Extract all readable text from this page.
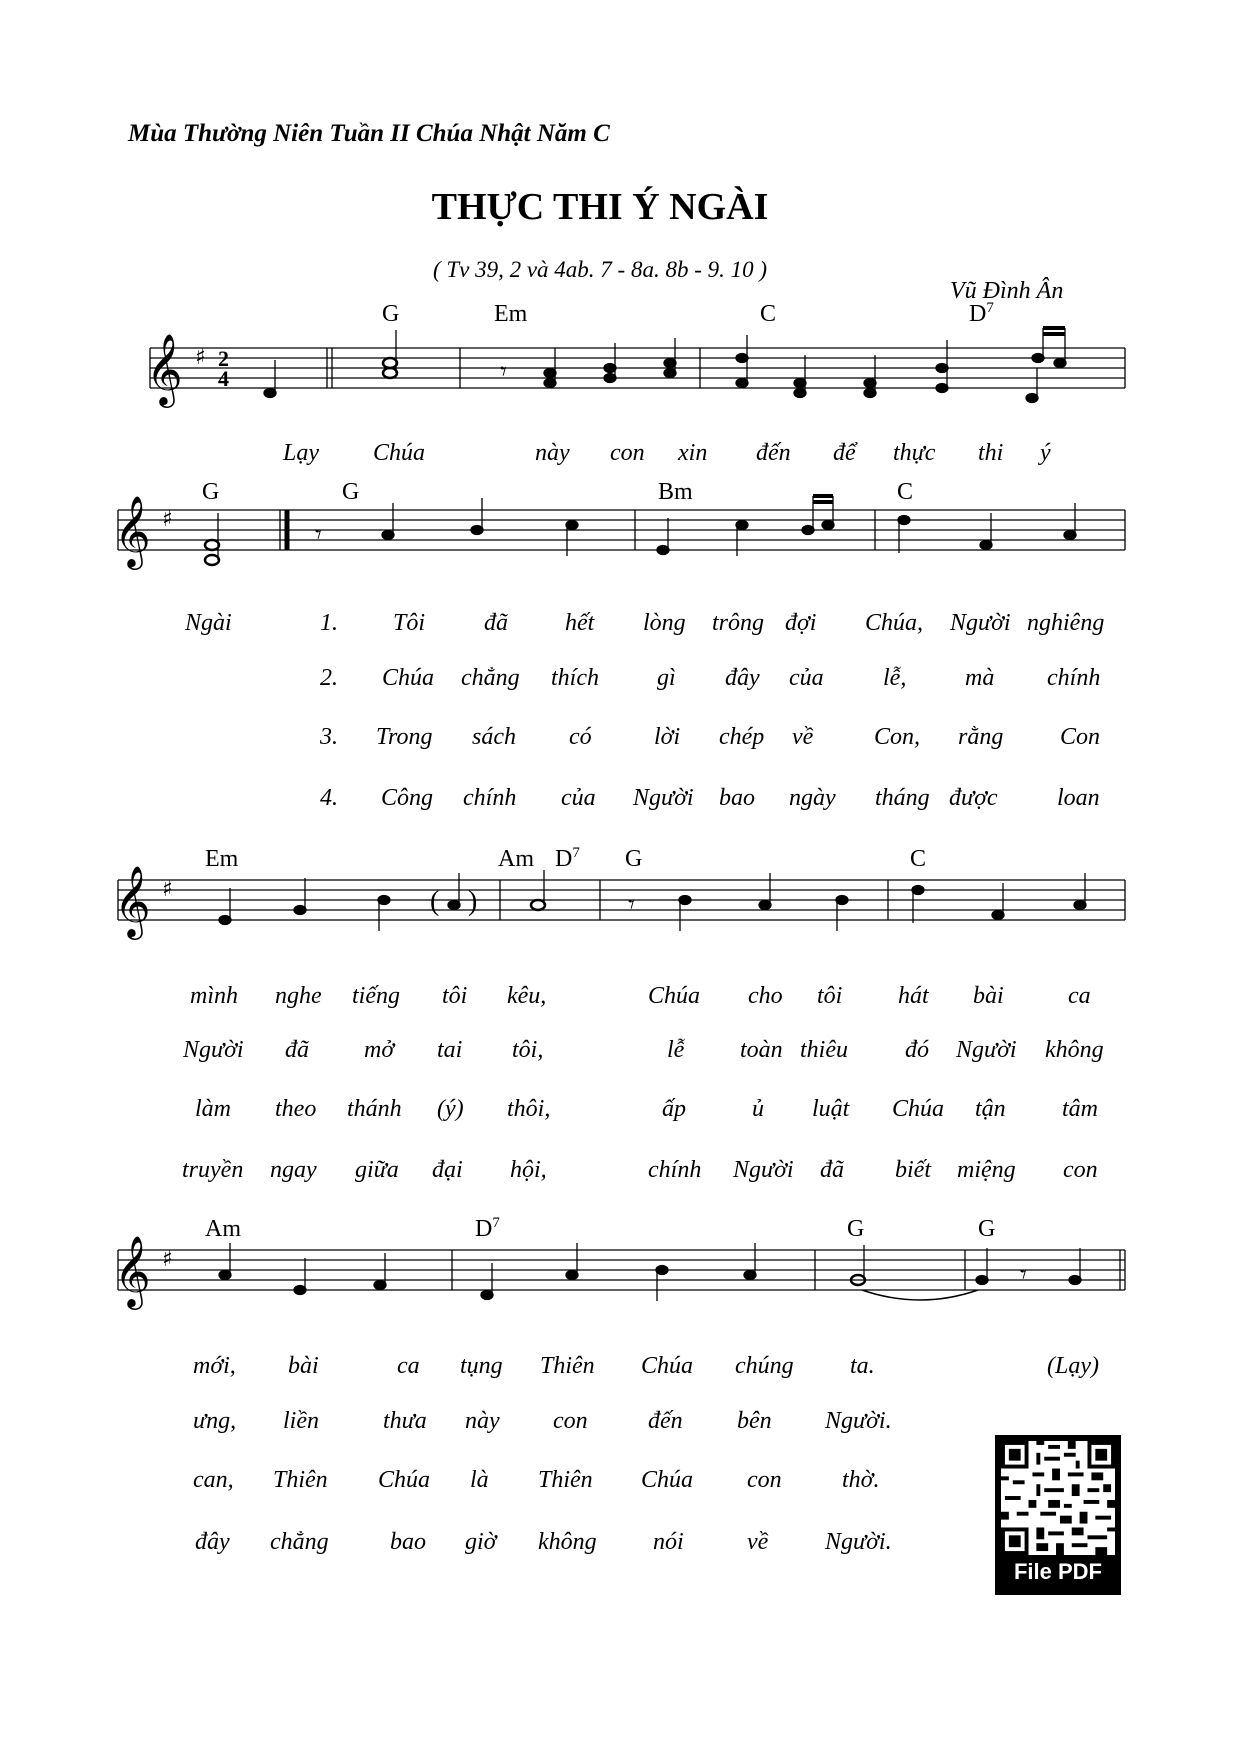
Mùa Thường Niên Tuần II Chúa Nhật Năm C
THỰC THI Ý NGÀI
( Tv 39, 2 và 4ab. 7 - 8a. 8b - 9. 10 )
Vũ Đình Ân
G	Em	C	$D^7$
𝄞 ♯ 2
4	𝄾
Lạy Chúa	này con xin đến để thực thi ý
G	G	Bm	C
𝄞 ♯
𝄾
Ngài	1. Tôi đã hết lòng trông đợi Chúa, Người nghiêng
2. Chúa chẳng thích gì đây của lễ, mà chính
3. Trong sách có	lời chép về	Con, rằng Con
4. Công chính của Người bao ngày tháng được loan
Em	Am $D^7$ G	C
𝄞 ♯	( )	𝄾
mình nghe tiếng tôi kêu,	Chúa cho tôi hát bài	ca
Người đã mở tai tôi,	lễ toàn thiêu đó Người không
làm theo thánh (ý) thôi,	ấp	ủ luật Chúa tận tâm
truyền ngay giữa đại hội,	chính Người đã biết miệng con
Am	$D^7$	G	G
𝄞 ♯
𝄾
mới, bài	ca tụng Thiên Chúa chúng ta.	(Lạy)
ưng, liền	thưa này con	đến bên Người.
can, Thiên Chúa là Thiên Chúa con	thờ.
đây chẳng	bao giờ không nói	về Người.
File PDF
